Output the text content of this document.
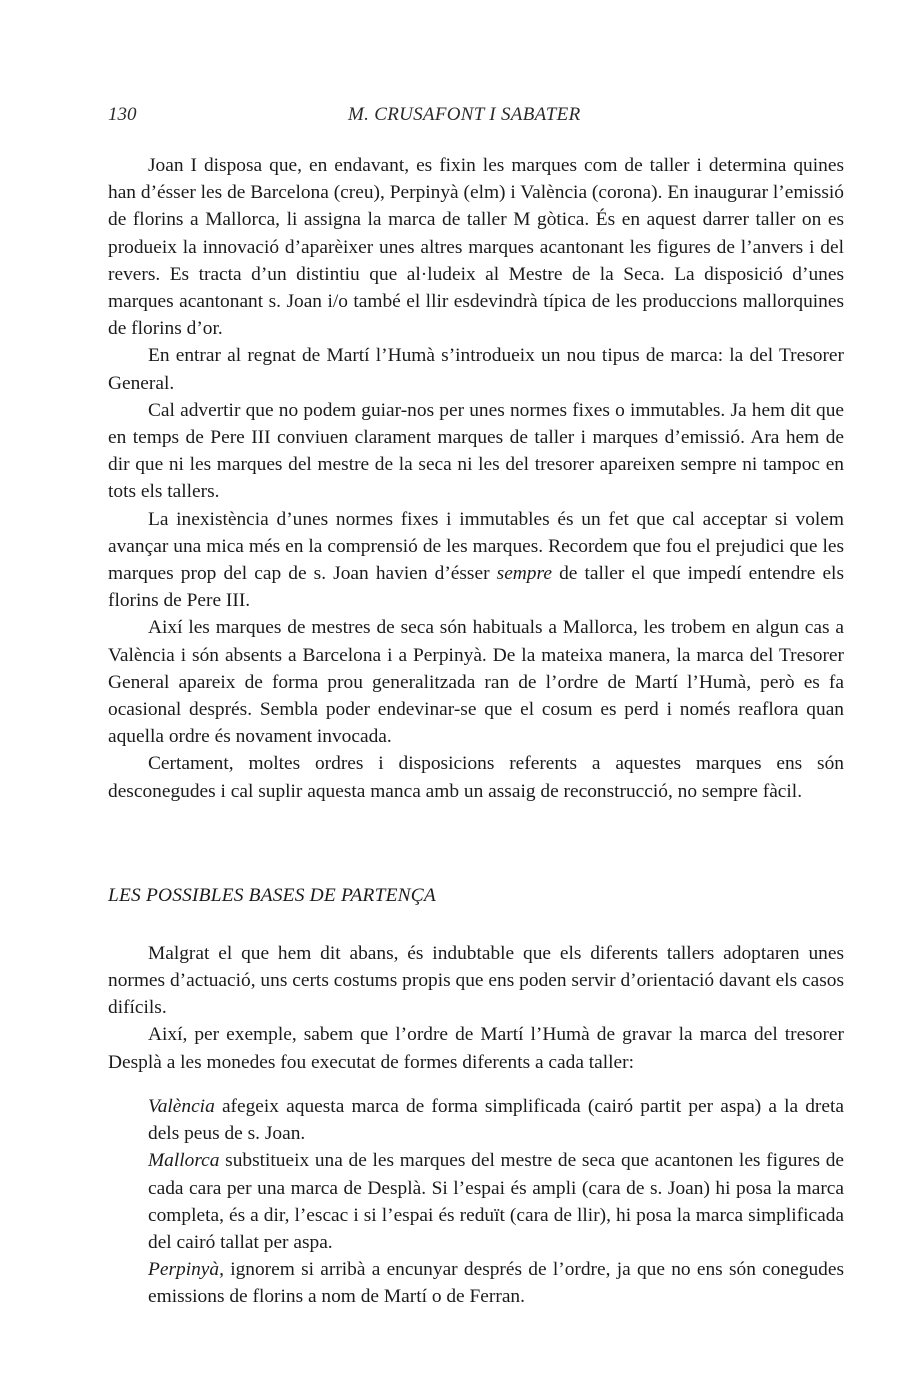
130	M. CRUSAFONT I SABATER

Joan I disposa que, en endavant, es fixin les marques com de taller i determina quines han d’ésser les de Barcelona (creu), Perpinyà (elm) i València (corona). En inaugurar l’emissió de florins a Mallorca, li assigna la marca de taller M gòtica. És en aquest darrer taller on es produeix la innovació d’aparèixer unes altres marques acantonant les figures de l’anvers i del revers. Es tracta d’un distintiu que al·ludeix al Mestre de la Seca. La disposició d’unes marques acantonant s. Joan i/o també el llir esdevindrà típica de les produccions mallorquines de florins d’or.

En entrar al regnat de Martí l’Humà s’introdueix un nou tipus de marca: la del Tresorer General.

Cal advertir que no podem guiar-nos per unes normes fixes o immutables. Ja hem dit que en temps de Pere III conviuen clarament marques de taller i marques d’emissió. Ara hem de dir que ni les marques del mestre de la seca ni les del tresorer apareixen sempre ni tampoc en tots els tallers.

La inexistència d’unes normes fixes i immutables és un fet que cal acceptar si volem avançar una mica més en la comprensió de les marques. Recordem que fou el prejudici que les marques prop del cap de s. Joan havien d’ésser sempre de taller el que impedí entendre els florins de Pere III.

Així les marques de mestres de seca són habituals a Mallorca, les trobem en algun cas a València i són absents a Barcelona i a Perpinyà. De la mateixa manera, la marca del Tresorer General apareix de forma prou generalitzada ran de l’ordre de Martí l’Humà, però es fa ocasional després. Sembla poder endevinar-se que el cosum es perd i només reaflora quan aquella ordre és novament invocada.

Certament, moltes ordres i disposicions referents a aquestes marques ens són desconegudes i cal suplir aquesta manca amb un assaig de reconstrucció, no sempre fàcil.

LES POSSIBLES BASES DE PARTENÇA

Malgrat el que hem dit abans, és indubtable que els diferents tallers adoptaren unes normes d’actuació, uns certs costums propis que ens poden servir d’orientació davant els casos difícils.

Així, per exemple, sabem que l’ordre de Martí l’Humà de gravar la marca del tresorer Desplà a les monedes fou executat de formes diferents a cada taller:

València afegeix aquesta marca de forma simplificada (cairó partit per aspa) a la dreta dels peus de s. Joan.

Mallorca substitueix una de les marques del mestre de seca que acantonen les figures de cada cara per una marca de Desplà. Si l’espai és ampli (cara de s. Joan) hi posa la marca completa, és a dir, l’escac i si l’espai és reduït (cara de llir), hi posa la marca simplificada del cairó tallat per aspa.

Perpinyà, ignorem si arribà a encunyar després de l’ordre, ja que no ens són conegudes emissions de florins a nom de Martí o de Ferran.
